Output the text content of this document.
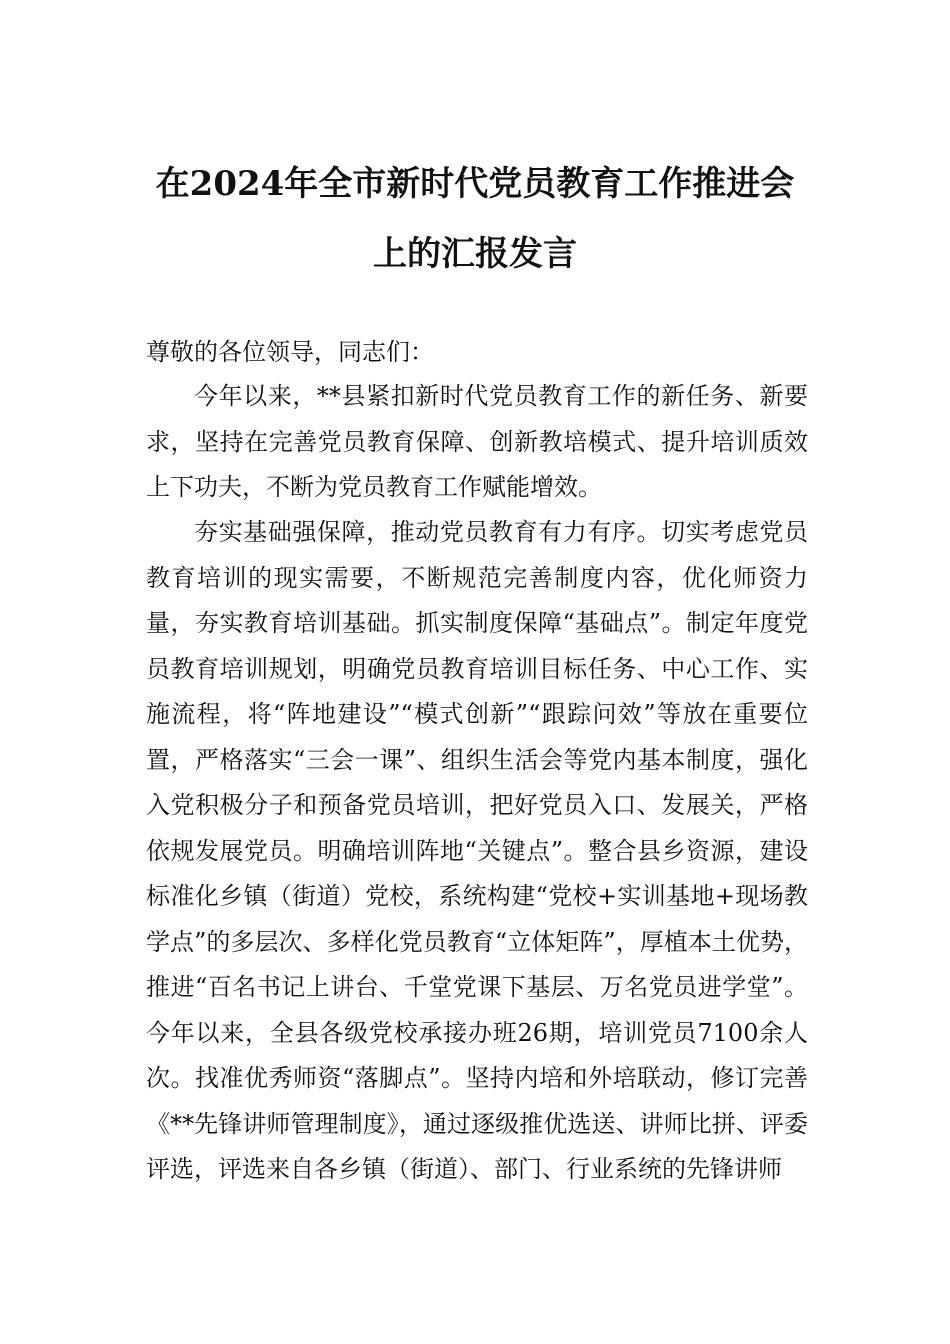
在2024年全市新时代党员教育工作推进会
上的汇报发言

尊敬的各位领导，同志们：

今年以来，**县紧扣新时代党员教育工作的新任务、新要求，坚持在完善党员教育保障、创新教培模式、提升培训质效上下功夫，不断为党员教育工作赋能增效。

夯实基础强保障，推动党员教育有力有序。切实考虑党员教育培训的现实需要，不断规范完善制度内容，优化师资力量，夯实教育培训基础。抓实制度保障“基础点”。制定年度党员教育培训规划，明确党员教育培训目标任务、中心工作、实施流程，将“阵地建设”“模式创新”“跟踪问效”等放在重要位置，严格落实“三会一课”、组织生活会等党内基本制度，强化入党积极分子和预备党员培训，把好党员入口、发展关，严格依规发展党员。明确培训阵地“关键点”。整合县乡资源，建设标准化乡镇（街道）党校，系统构建“党校+实训基地+现场教学点”的多层次、多样化党员教育“立体矩阵”，厚植本土优势，推进“百名书记上讲台、千堂党课下基层、万名党员进学堂”。今年以来，全县各级党校承接办班26期，培训党员7100余人次。找准优秀师资“落脚点”。坚持内培和外培联动，修订完善《**先锋讲师管理制度》，通过逐级推优选送、讲师比拼、评委评选，评选来自各乡镇（街道）、部门、行业系统的先锋讲师
